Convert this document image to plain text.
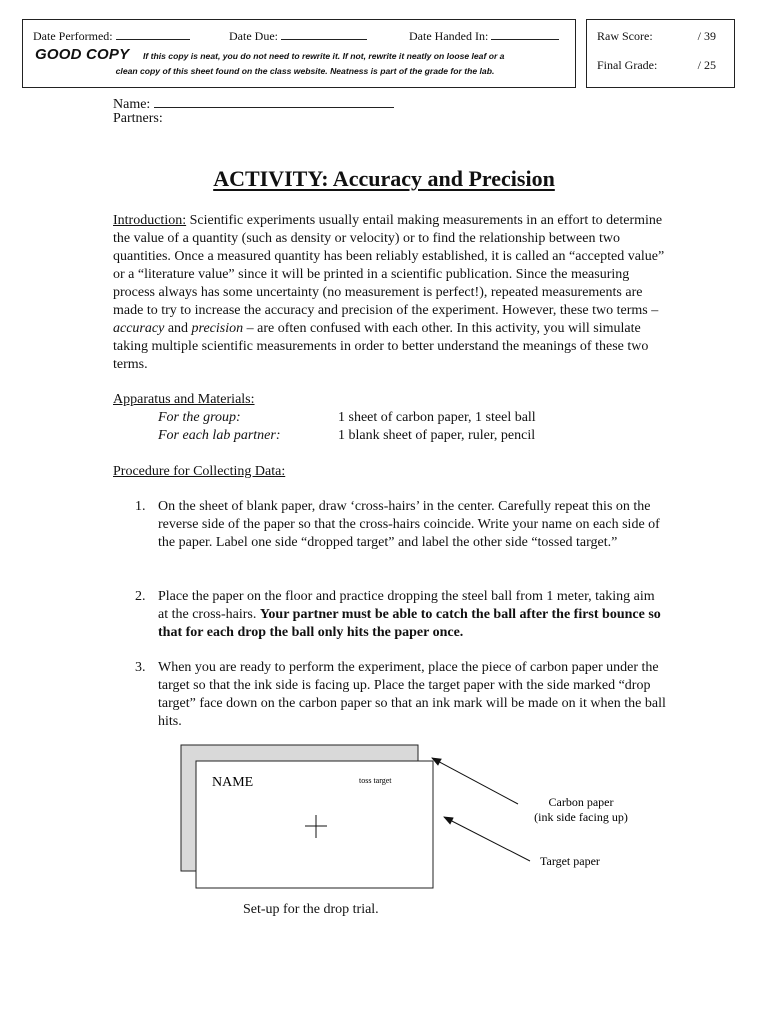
Date Performed:	Date Due:	Date Handed In:
GOOD COPY	If this copy is neat, you do not need to rewrite it. If not, rewrite it neatly on loose leaf or a
clean copy of this sheet found on the class website. Neatness is part of the grade for the lab.
Raw Score:	/ 39
Final Grade:	/ 25
Name:
Partners:
ACTIVITY: Accuracy and Precision
Introduction: Scientific experiments usually entail making measurements in an effort to determine the value of a quantity (such as density or velocity) or to find the relationship between two quantities. Once a measured quantity has been reliably established, it is called an “accepted value” or a “literature value” since it will be printed in a scientific publication. Since the measuring process always has some uncertainty (no measurement is perfect!), repeated measurements are made to try to increase the accuracy and precision of the experiment. However, these two terms – accuracy and precision – are often confused with each other. In this activity, you will simulate taking multiple scientific measurements in order to better understand the meanings of these two terms.
Apparatus and Materials:
For the group:	1 sheet of carbon paper, 1 steel ball
For each lab partner:	1 blank sheet of paper, ruler, pencil
Procedure for Collecting Data:
1. On the sheet of blank paper, draw ‘cross-hairs’ in the center. Carefully repeat this on the reverse side of the paper so that the cross-hairs coincide. Write your name on each side of the paper. Label one side “dropped target” and label the other side “tossed target.”
2. Place the paper on the floor and practice dropping the steel ball from 1 meter, taking aim at the cross-hairs. Your partner must be able to catch the ball after the first bounce so that for each drop the ball only hits the paper once.
3. When you are ready to perform the experiment, place the piece of carbon paper under the target so that the ink side is facing up. Place the target paper with the side marked “drop target” face down on the carbon paper so that an ink mark will be made on it when the ball hits.
NAME	toss target
Carbon paper
(ink side facing up)
Target paper
Set-up for the drop trial.
